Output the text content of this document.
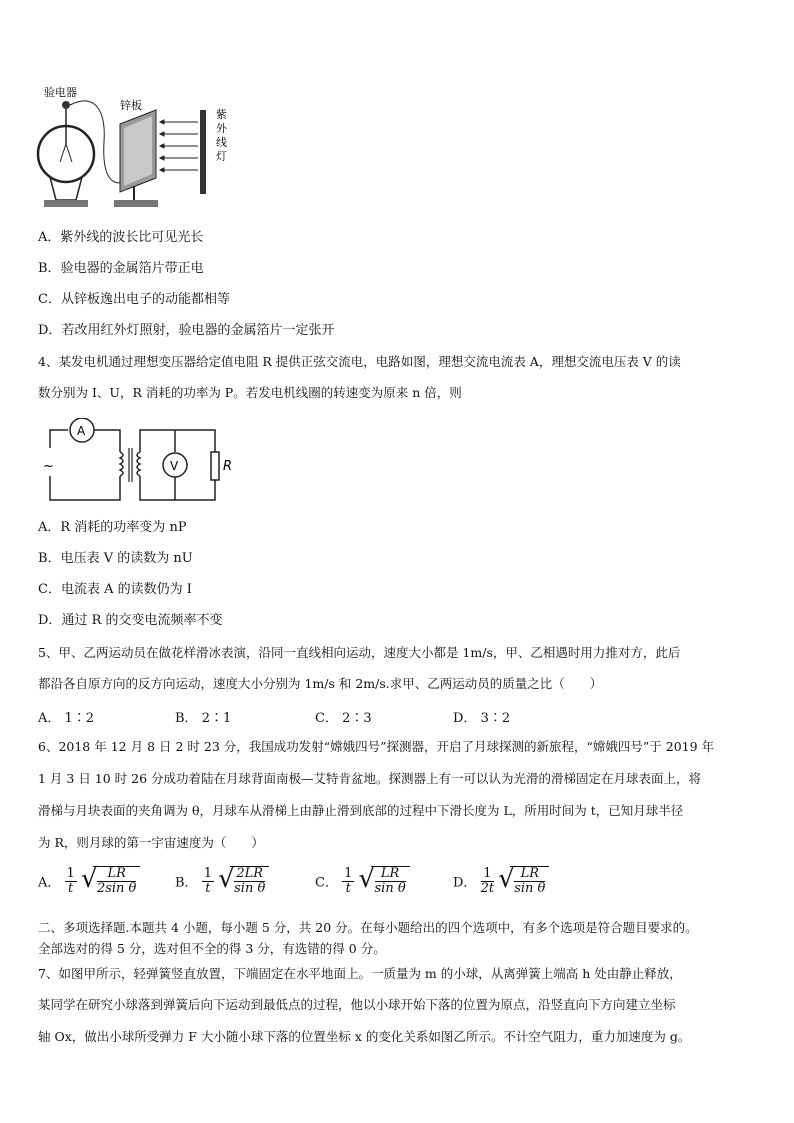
验电器
锌板
紫
外
线
灯
A．紫外线的波长比可见光长
B．验电器的金属箔片带正电
C．从锌板逸出电子的动能都相等
D．若改用红外灯照射，验电器的金属箔片一定张开
4、某发电机通过理想变压器给定值电阻 R 提供正弦交流电，电路如图，理想交流电流表 A，理想交流电压表 V 的读
数分别为 I、U，R 消耗的功率为 P。若发电机线圈的转速变为原来 n 倍，则
A
V	R
~
A．R 消耗的功率变为 nP
B．电压表 V 的读数为 nU
C．电流表 A 的读数仍为 I
D．通过 R 的交变电流频率不变
5、甲、乙两运动员在做花样滑冰表演，沿同一直线相向运动，速度大小都是 1m/s，甲、乙相遇时用力推对方，此后
都沿各自原方向的反方向运动，速度大小分别为 1m/s 和 2m/s.求甲、乙两运动员的质量之比（　　）
A． 1∶2	B． 2∶1	C． 2∶3	D． 3∶2
6、2018 年 12 月 8 日 2 时 23 分，我国成功发射“嫦娥四号”探测器，开启了月球探测的新旅程，“嫦娥四号”于 2019 年
1 月 3 日 10 时 26 分成功着陆在月球背面南极—艾特肯盆地。探测器上有一可以认为光滑的滑梯固定在月球表面上，将
滑梯与月块表面的夹角调为 θ，月球车从滑梯上由静止滑到底部的过程中下滑长度为 L，所用时间为 t，已知月球半径
为 R，则月球的第一宇宙速度为（　　）
A． $\frac{1}{t}$
√ $\frac{LR}{\text{2sin θ}}$	B． $\frac{1}{t}$
√ $\frac{2LR}{\text{sin θ}}$	C． $\frac{1}{t}$
√ $\frac{LR}{\text{sin θ}}$	D． $\frac{1}{2t}$
√ $\frac{LR}{\text{sin θ}}$
二、多项选择题.本题共 4 小题，每小题 5 分，共 20 分。在每小题给出的四个选项中，有多个选项是符合题目要求的。
全部选对的得 5 分，选对但不全的得 3 分，有选错的得 0 分。
7、如图甲所示，轻弹簧竖直放置，下端固定在水平地面上。一质量为 m 的小球，从离弹簧上端高 h 处由静止释放，
某同学在研究小球落到弹簧后向下运动到最低点的过程，他以小球开始下落的位置为原点，沿竖直向下方向建立坐标
轴 Ox，做出小球所受弹力 F 大小随小球下落的位置坐标 x 的变化关系如图乙所示。不计空气阻力，重力加速度为 g。
